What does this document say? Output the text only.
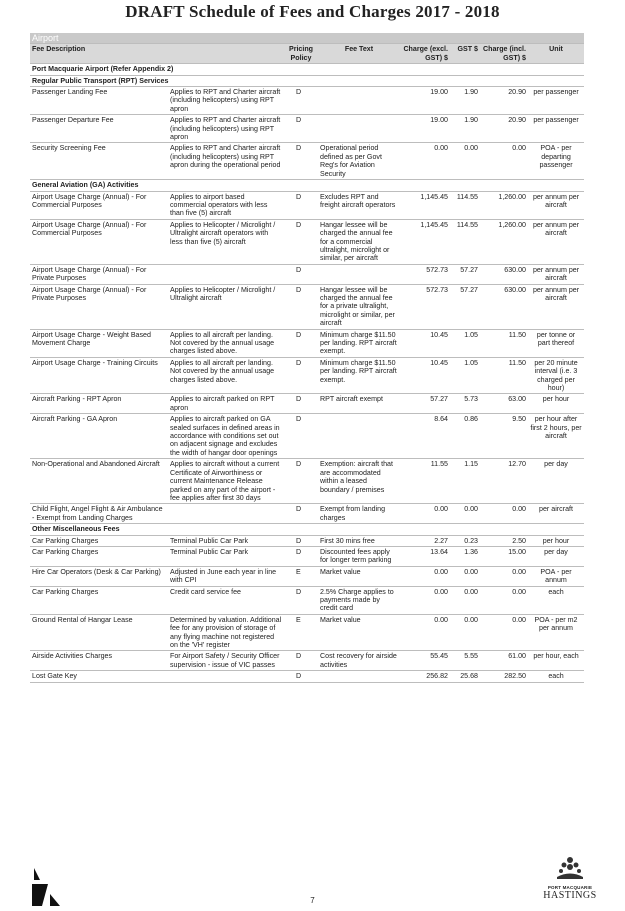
DRAFT Schedule of Fees and Charges 2017 - 2018
Airport							
Fee Description		Pricing Policy	Fee Text	Charge (excl. GST) $	GST $	Charge (incl. GST) $	Unit
Port Macquarie Airport (Refer Appendix 2)							
Regular Public Transport (RPT) Services							
Passenger Landing Fee	Applies to RPT and Charter aircraft (including helicopters) using RPT apron	D		19.00	1.90	20.90	per passenger
Passenger Departure Fee	Applies to RPT and Charter aircraft (including helicopters) using RPT apron	D		19.00	1.90	20.90	per passenger
Security Screening Fee	Applies to RPT and Charter aircraft (including helicopters) using RPT apron during the operational period	D	Operational period defined as per Govt Reg's for Aviation Security	0.00	0.00	0.00	POA - per departing passenger
General Aviation (GA) Activities							
Airport Usage Charge (Annual) - For Commercial Purposes	Applies to airport based commercial operators with less than five (5) aircraft	D	Excludes RPT and freight aircraft operators	1,145.45	114.55	1,260.00	per annum per aircraft
Airport Usage Charge (Annual) - For Commercial Purposes	Applies to Helicopter / Microlight / Ultralight aircraft operators with less than five (5) aircraft	D	Hangar lessee will be charged the annual fee for a commercial ultralight, microlight or similar, per aircraft	1,145.45	114.55	1,260.00	per annum per aircraft
Airport Usage Charge (Annual) - For Private Purposes		D		572.73	57.27	630.00	per annum per aircraft
Airport Usage Charge (Annual) - For Private Purposes	Applies to Helicopter / Microlight / Ultralight aircraft	D	Hangar lessee will be charged the annual fee for a private ultralight, microlight or similar, per aircraft	572.73	57.27	630.00	per annum per aircraft
Airport Usage Charge - Weight Based Movement Charge	Applies to all aircraft per landing. Not covered by the annual usage charges listed above.	D	Minimum charge $11.50 per landing. RPT aircraft exempt.	10.45	1.05	11.50	per tonne or part thereof
Airport Usage Charge - Training Circuits	Applies to all aircraft per landing. Not covered by the annual usage charges listed above.	D	Minimum charge $11.50 per landing. RPT aircraft exempt.	10.45	1.05	11.50	per 20 minute interval (i.e. 3 charged per hour)
Aircraft Parking - RPT Apron	Applies to aircraft parked on RPT apron	D	RPT aircraft exempt	57.27	5.73	63.00	per hour
Aircraft Parking - GA Apron	Applies to aircraft parked on GA sealed surfaces in defined areas in accordance with conditions set out on adjacent signage and excludes the width of hangar door openings	D		8.64	0.86	9.50	per hour after first 2 hours, per aircraft
Non-Operational and Abandoned Aircraft	Applies to aircraft without a current Certificate of Airworthiness or current Maintenance Release parked on any part of the airport - fee applies after first 30 days	D	Exemption: aircraft that are accommodated within a leased boundary / premises	11.55	1.15	12.70	per day
Child Flight, Angel Flight & Air Ambulance - Exempt from Landing Charges		D	Exempt from landing charges	0.00	0.00	0.00	per aircraft
Other Miscellaneous Fees							
Car Parking Charges	Terminal Public Car Park	D	First 30 mins free	2.27	0.23	2.50	per hour
Car Parking Charges	Terminal Public Car Park	D	Discounted fees apply for longer term parking	13.64	1.36	15.00	per day
Hire Car Operators (Desk & Car Parking)	Adjusted in June each year in line with CPI	E	Market value	0.00	0.00	0.00	POA - per annum
Car Parking Charges	Credit card service fee	D	2.5% Charge applies to payments made by credit card	0.00	0.00	0.00	each
Ground Rental of Hangar Lease	Determined by valuation. Additional fee for any provision of storage of any flying machine not registered on the 'VH' register	E	Market value	0.00	0.00	0.00	POA - per m2 per annum
Airside Activities Charges	For Airport Safety / Security Officer supervision - issue of VIC passes	D	Cost recovery for airside activities	55.45	5.55	61.00	per hour, each
Lost Gate Key		D		256.82	25.68	282.50	each
7
PORT MACQUARIE
HASTINGS
